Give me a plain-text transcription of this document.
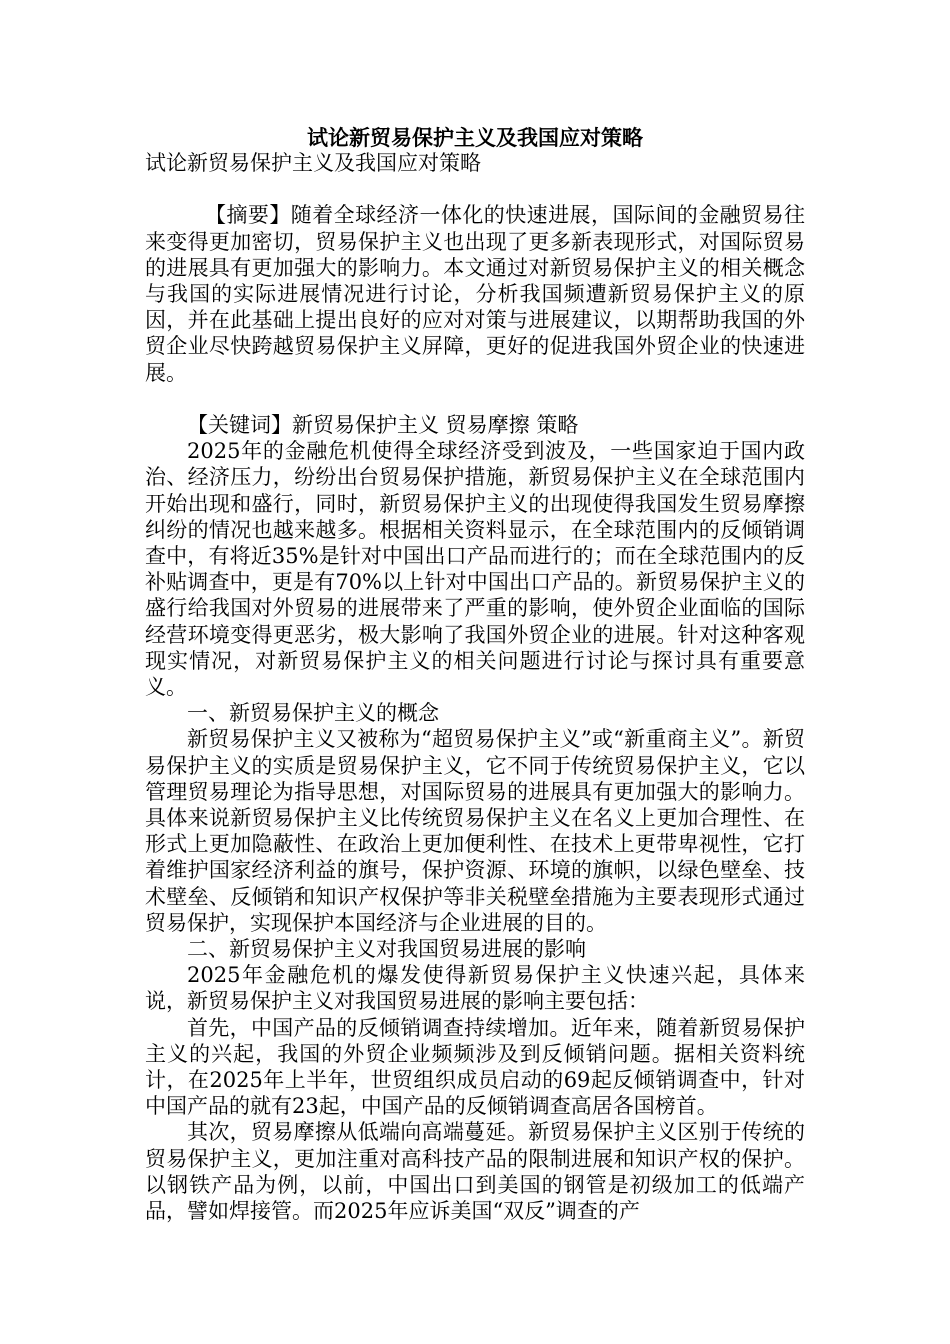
试论新贸易保护主义及我国应对策略

试论新贸易保护主义及我国应对策略

【摘要】随着全球经济一体化的快速进展，国际间的金融贸易往来变得更加密切，贸易保护主义也出现了更多新表现形式，对国际贸易的进展具有更加强大的影响力。本文通过对新贸易保护主义的相关概念与我国的实际进展情况进行讨论，分析我国频遭新贸易保护主义的原因，并在此基础上提出良好的应对对策与进展建议，以期帮助我国的外贸企业尽快跨越贸易保护主义屏障，更好的促进我国外贸企业的快速进展。

【关键词】新贸易保护主义 贸易摩擦 策略

2025年的金融危机使得全球经济受到波及，一些国家迫于国内政治、经济压力，纷纷出台贸易保护措施，新贸易保护主义在全球范围内开始出现和盛行，同时，新贸易保护主义的出现使得我国发生贸易摩擦纠纷的情况也越来越多。根据相关资料显示，在全球范围内的反倾销调查中，有将近35%是针对中国出口产品而进行的；而在全球范围内的反补贴调查中，更是有70%以上针对中国出口产品的。新贸易保护主义的盛行给我国对外贸易的进展带来了严重的影响，使外贸企业面临的国际经营环境变得更恶劣，极大影响了我国外贸企业的进展。针对这种客观现实情况，对新贸易保护主义的相关问题进行讨论与探讨具有重要意义。

一、新贸易保护主义的概念

新贸易保护主义又被称为“超贸易保护主义”或“新重商主义”。新贸易保护主义的实质是贸易保护主义，它不同于传统贸易保护主义，它以管理贸易理论为指导思想，对国际贸易的进展具有更加强大的影响力。具体来说新贸易保护主义比传统贸易保护主义在名义上更加合理性、在形式上更加隐蔽性、在政治上更加便利性、在技术上更带卑视性，它打着维护国家经济利益的旗号，保护资源、环境的旗帜，以绿色壁垒、技术壁垒、反倾销和知识产权保护等非关税壁垒措施为主要表现形式通过贸易保护，实现保护本国经济与企业进展的目的。

二、新贸易保护主义对我国贸易进展的影响

2025年金融危机的爆发使得新贸易保护主义快速兴起，具体来说，新贸易保护主义对我国贸易进展的影响主要包括：

首先，中国产品的反倾销调查持续增加。近年来，随着新贸易保护主义的兴起，我国的外贸企业频频涉及到反倾销问题。据相关资料统计，在2025年上半年，世贸组织成员启动的69起反倾销调查中，针对中国产品的就有23起，中国产品的反倾销调查高居各国榜首。

其次，贸易摩擦从低端向高端蔓延。新贸易保护主义区别于传统的贸易保护主义，更加注重对高科技产品的限制进展和知识产权的保护。以钢铁产品为例，以前，中国出口到美国的钢管是初级加工的低端产品，譬如焊接管。而2025年应诉美国“双反”调查的产
